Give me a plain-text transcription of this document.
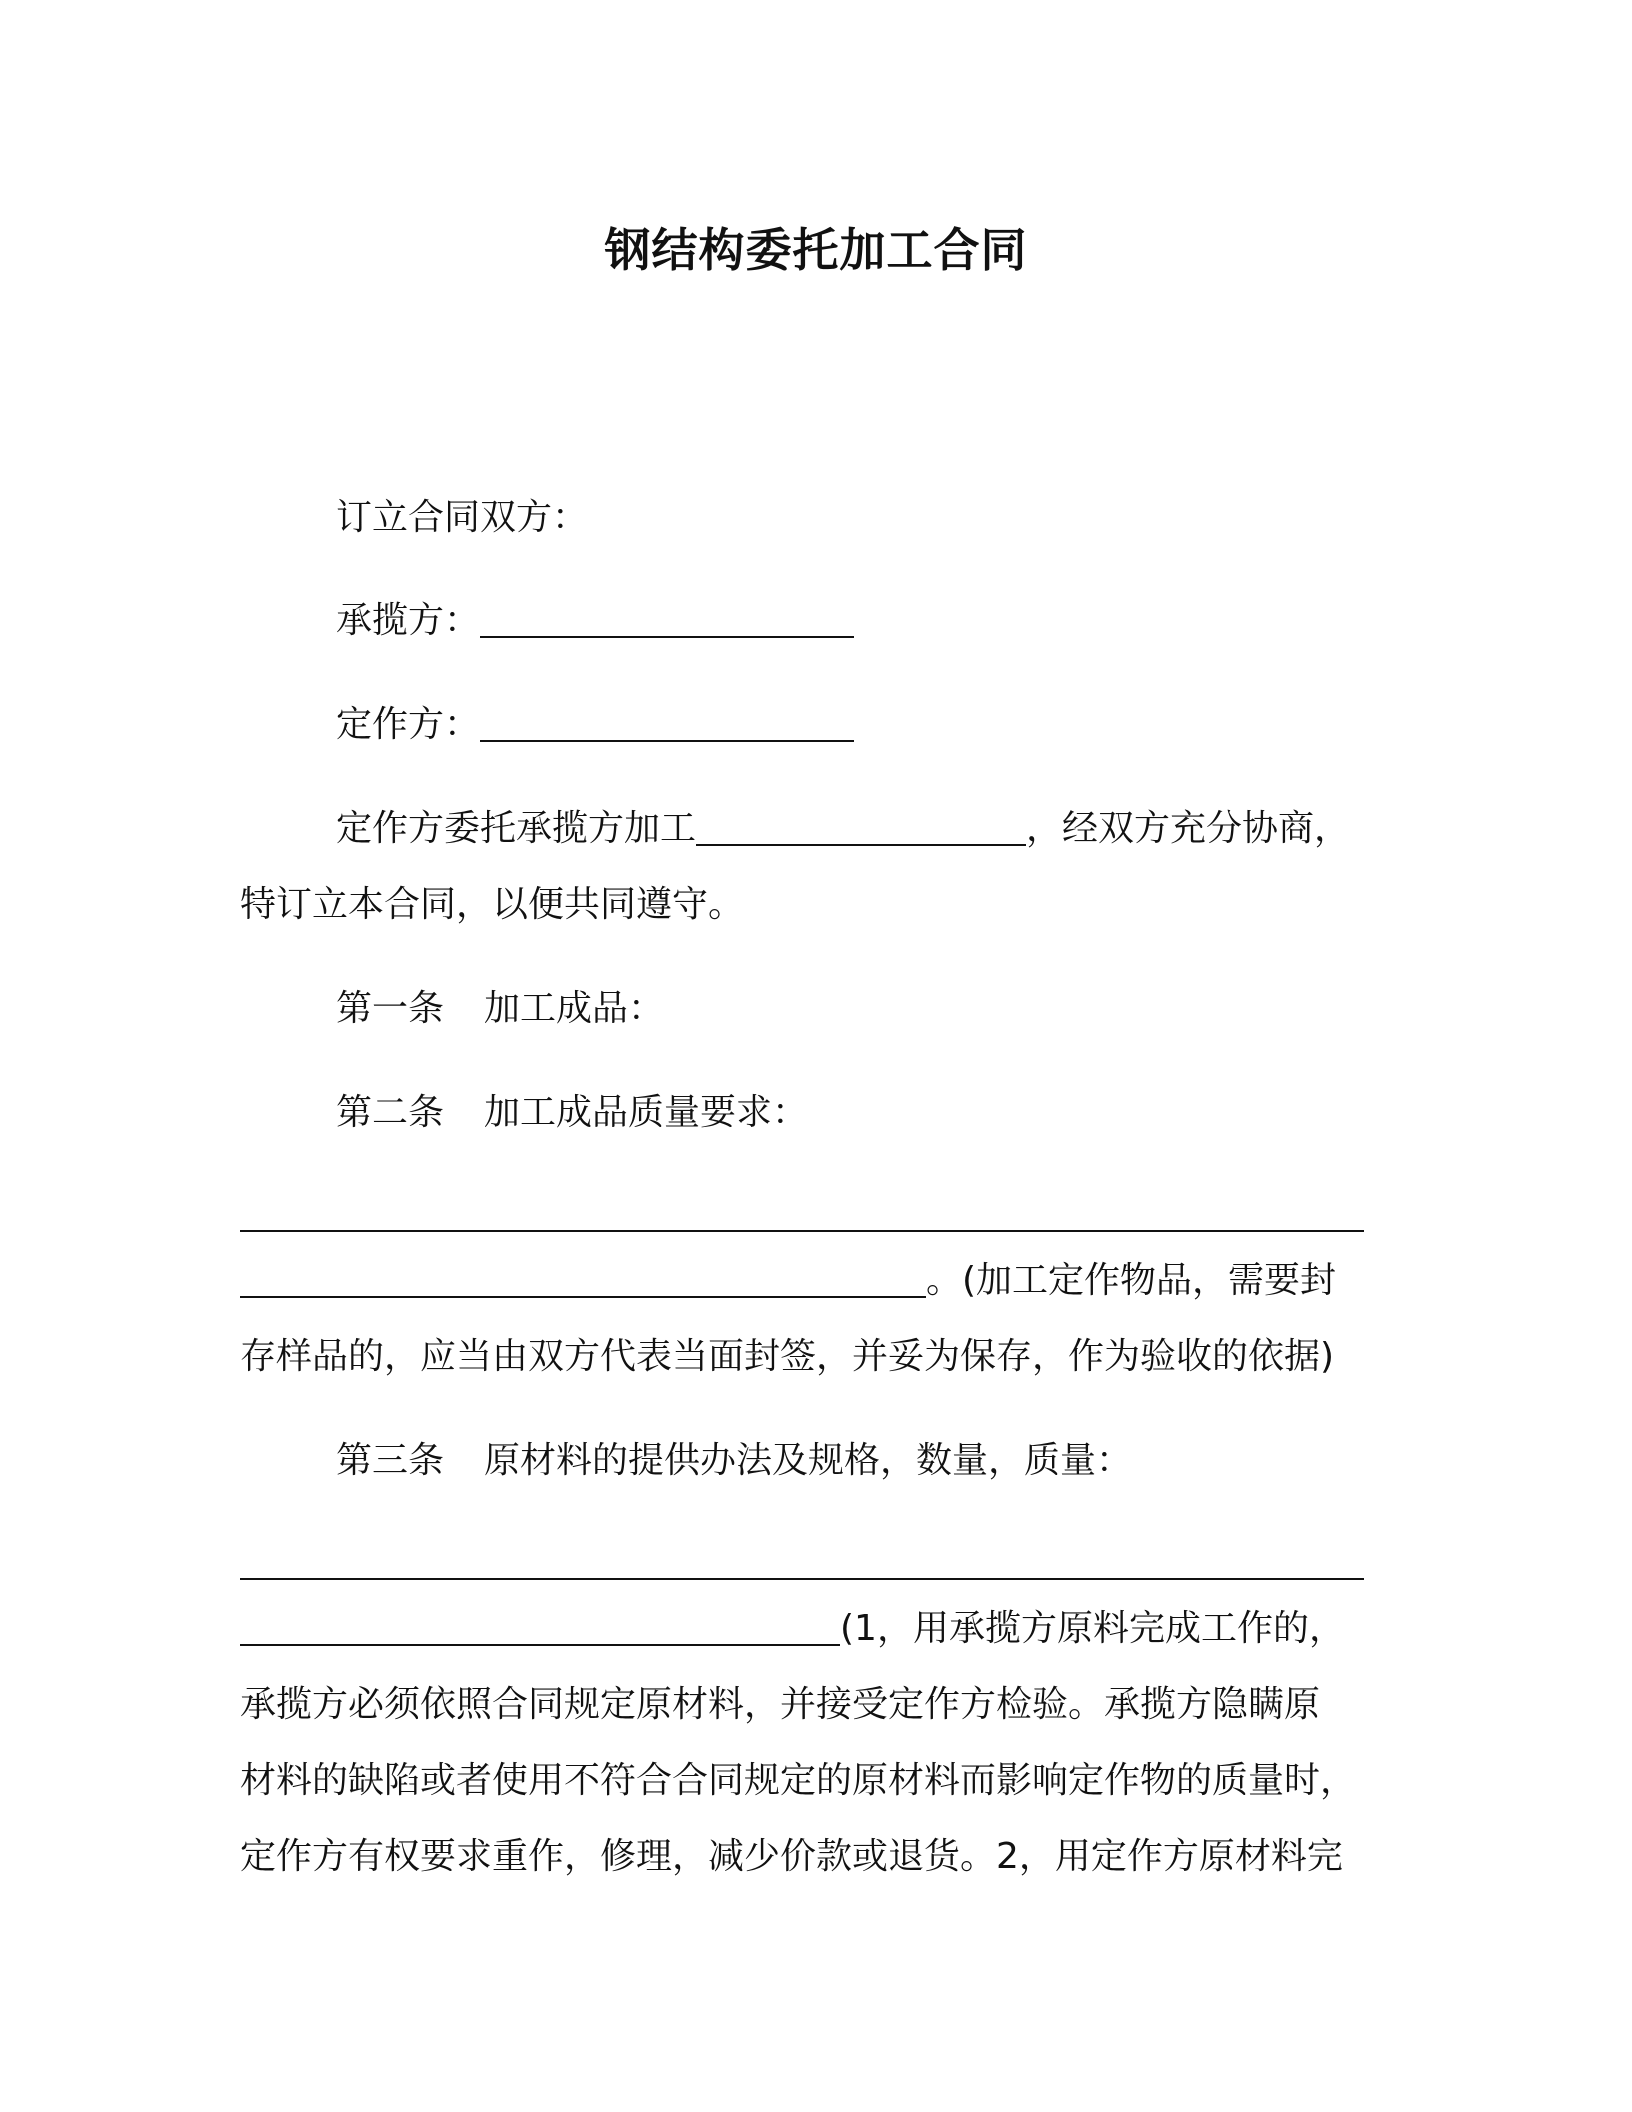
钢结构委托加工合同

订立合同双方：

承揽方：

定作方：

定作方委托承揽方加工	，经双方充分协商，

特订立本合同，以便共同遵守。

第一条 加工成品：

第二条 加工成品质量要求：

。(加工定作物品，需要封

存样品的，应当由双方代表当面封签，并妥为保存，作为验收的依据)

第三条 原材料的提供办法及规格，数量，质量：

(1，用承揽方原料完成工作的，

承揽方必须依照合同规定原材料，并接受定作方检验。承揽方隐瞒原

材料的缺陷或者使用不符合合同规定的原材料而影响定作物的质量时，

定作方有权要求重作，修理，减少价款或退货。2，用定作方原材料完
